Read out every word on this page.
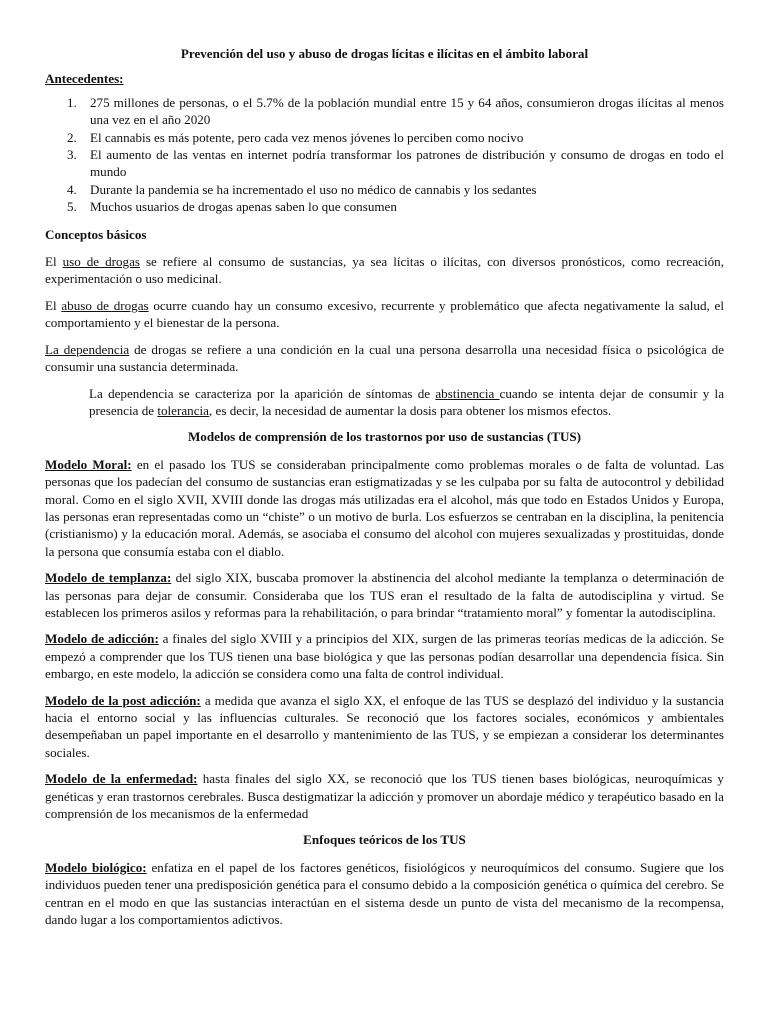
Prevención del uso y abuso de drogas lícitas e ilícitas en el ámbito laboral
Antecedentes:
1. 275 millones de personas, o el 5.7% de la población mundial entre 15 y 64 años, consumieron drogas ilícitas al menos una vez en el año 2020
2. El cannabis es más potente, pero cada vez menos jóvenes lo perciben como nocivo
3. El aumento de las ventas en internet podría transformar los patrones de distribución y consumo de drogas en todo el mundo
4. Durante la pandemia se ha incrementado el uso no médico de cannabis y los sedantes
5. Muchos usuarios de drogas apenas saben lo que consumen
Conceptos básicos

El uso de drogas se refiere al consumo de sustancias, ya sea lícitas o ilícitas, con diversos pronósticos, como recreación, experimentación o uso medicinal.

El abuso de drogas ocurre cuando hay un consumo excesivo, recurrente y problemático que afecta negativamente la salud, el comportamiento y el bienestar de la persona.

La dependencia de drogas se refiere a una condición en la cual una persona desarrolla una necesidad física o psicológica de consumir una sustancia determinada.

La dependencia se caracteriza por la aparición de síntomas de abstinencia cuando se intenta dejar de consumir y la presencia de tolerancia, es decir, la necesidad de aumentar la dosis para obtener los mismos efectos.

Modelos de comprensión de los trastornos por uso de sustancias (TUS)

Modelo Moral: en el pasado los TUS se consideraban principalmente como problemas morales o de falta de voluntad. Las personas que los padecían del consumo de sustancias eran estigmatizadas y se les culpaba por su falta de autocontrol y debilidad moral. Como en el siglo XVII, XVIII donde las drogas más utilizadas era el alcohol, más que todo en Estados Unidos y Europa, las personas eran representadas como un “chiste” o un motivo de burla. Los esfuerzos se centraban en la disciplina, la penitencia (cristianismo) y la educación moral. Además, se asociaba el consumo del alcohol con mujeres sexualizadas y prostituidas, donde la persona que consumía estaba con el diablo.

Modelo de templanza: del siglo XIX, buscaba promover la abstinencia del alcohol mediante la templanza o determinación de las personas para dejar de consumir. Consideraba que los TUS eran el resultado de la falta de autodisciplina y virtud. Se establecen los primeros asilos y reformas para la rehabilitación, o para brindar “tratamiento moral” y fomentar la autodisciplina.

Modelo de adicción: a finales del siglo XVIII y a principios del XIX, surgen de las primeras teorías medicas de la adicción. Se empezó a comprender que los TUS tienen una base biológica y que las personas podían desarrollar una dependencia física. Sin embargo, en este modelo, la adicción se considera como una falta de control individual.

Modelo de la post adicción: a medida que avanza el siglo XX, el enfoque de las TUS se desplazó del individuo y la sustancia hacia el entorno social y las influencias culturales. Se reconoció que los factores sociales, económicos y ambientales desempeñaban un papel importante en el desarrollo y mantenimiento de las TUS, y se empiezan a considerar los determinantes sociales.

Modelo de la enfermedad: hasta finales del siglo XX, se reconoció que los TUS tienen bases biológicas, neuroquímicas y genéticas y eran trastornos cerebrales. Busca destigmatizar la adicción y promover un abordaje médico y terapéutico basado en la comprensión de los mecanismos de la enfermedad

Enfoques teóricos de los TUS

Modelo biológico: enfatiza en el papel de los factores genéticos, fisiológicos y neuroquímicos del consumo. Sugiere que los individuos pueden tener una predisposición genética para el consumo debido a la composición genética o química del cerebro. Se centran en el modo en que las sustancias interactúan en el sistema desde un punto de vista del mecanismo de la recompensa, dando lugar a los comportamientos adictivos.
